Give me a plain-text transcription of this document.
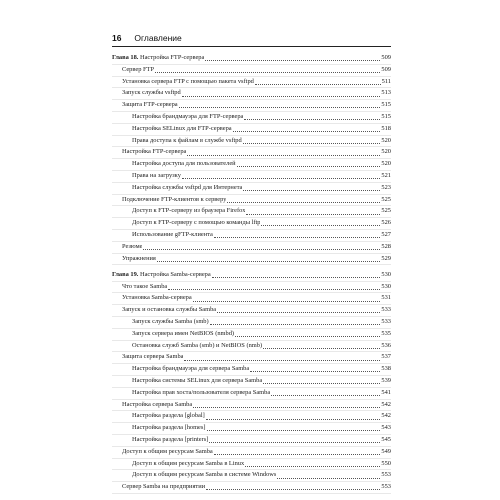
16 Оглавление
Глава 18. Настройка FTP-сервера	509
Сервер FTP	509
Установка сервера FTP с помощью пакета vsftpd	511
Запуск службы vsftpd	513
Защита FTP-сервера	515
Настройка брандмауэра для FTP-сервера	515
Настройка SELinux для FTP-сервера	518
Права доступа к файлам в службе vsftpd	520
Настройка FTP-сервера	520
Настройка доступа для пользователей	520
Права на загрузку	521
Настройка службы vsftpd для Интернета	523
Подключение FTP-клиентов к серверу	525
Доступ к FTP-серверу из браузера Firefox	525
Доступ к FTP-серверу с помощью команды lftp	526
Использование gFTP-клиента	527
Резюме	528
Упражнения	529
Глава 19. Настройка Samba-сервера	530
Что такое Samba	530
Установка Samba-сервера	531
Запуск и остановка службы Samba	533
Запуск службы Samba (smb)	533
Запуск сервера имен NetBIOS (nmbd)	535
Остановка служб Samba (smb) и NetBIOS (nmb)	536
Защита сервера Samba	537
Настройка брандмауэра для сервера Samba	538
Настройка системы SELinux для сервера Samba	539
Настройка прав хоста/пользователя сервера Samba	541
Настройка сервера Samba	542
Настройка раздела [global]	542
Настройка раздела [homes]	543
Настройка раздела [printers]	545
Доступ к общим ресурсам Samba	549
Доступ к общим ресурсам Samba в Linux	550
Доступ к общим ресурсам Samba в системе Windows	553
Сервер Samba на предприятии	553
